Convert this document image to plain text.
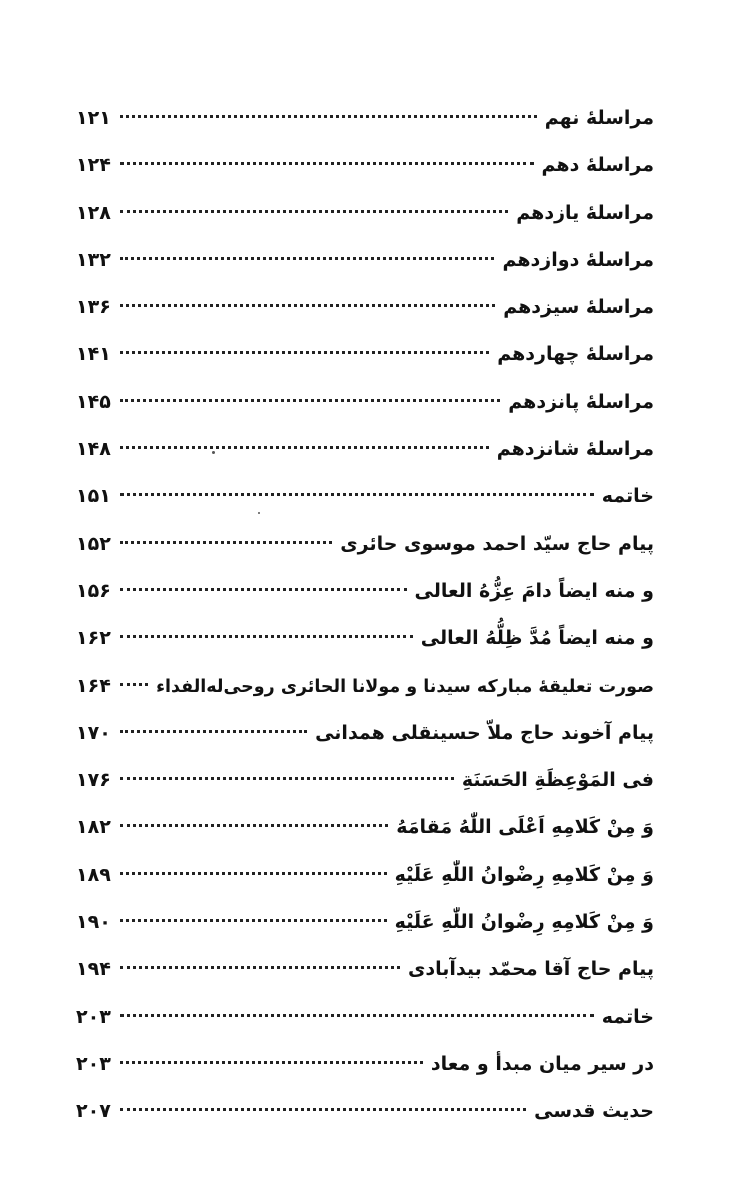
مراسلهٔ نهم
۱۲۱
مراسلهٔ دهم
۱۲۴
مراسلهٔ یازدهم
۱۲۸
مراسلهٔ دوازدهم
۱۳۲
مراسلهٔ سیزدهم
۱۳۶
مراسلهٔ چهاردهم
۱۴۱
مراسلهٔ پانزدهم
۱۴۵
مراسلهٔ شانزدهم
۱۴۸
خاتمه
۱۵۱
پیام حاج سیّد احمد موسوی حائری
۱۵۲
و منه ایضاً دامَ عِزُّهُ العالی
۱۵۶
و منه ایضاً مُدَّ ظِلُّهُ العالی
۱۶۲
صورت تعلیقهٔ مبارکه سیدنا و مولانا الحائری روحی‌له‌الفداء
۱۶۴
پیام آخوند حاج ملاّ حسینقلی همدانی
۱۷۰
فی المَوْعِظَةِ الحَسَنَةِ
۱۷۶
وَ مِنْ كَلامِهِ اَعْلَی اللّٰهُ مَقامَهُ
۱۸۲
وَ مِنْ كَلامِهِ رِضْوانُ اللّٰهِ عَلَيْهِ
۱۸۹
وَ مِنْ كَلامِهِ رِضْوانُ اللّٰهِ عَلَيْهِ
۱۹۰
پیام حاج آقا محمّد بیدآبادی
۱۹۴
خاتمه
۲۰۳
در سیر میان مبدأ و معاد
۲۰۳
حدیث قدسی
۲۰۷
